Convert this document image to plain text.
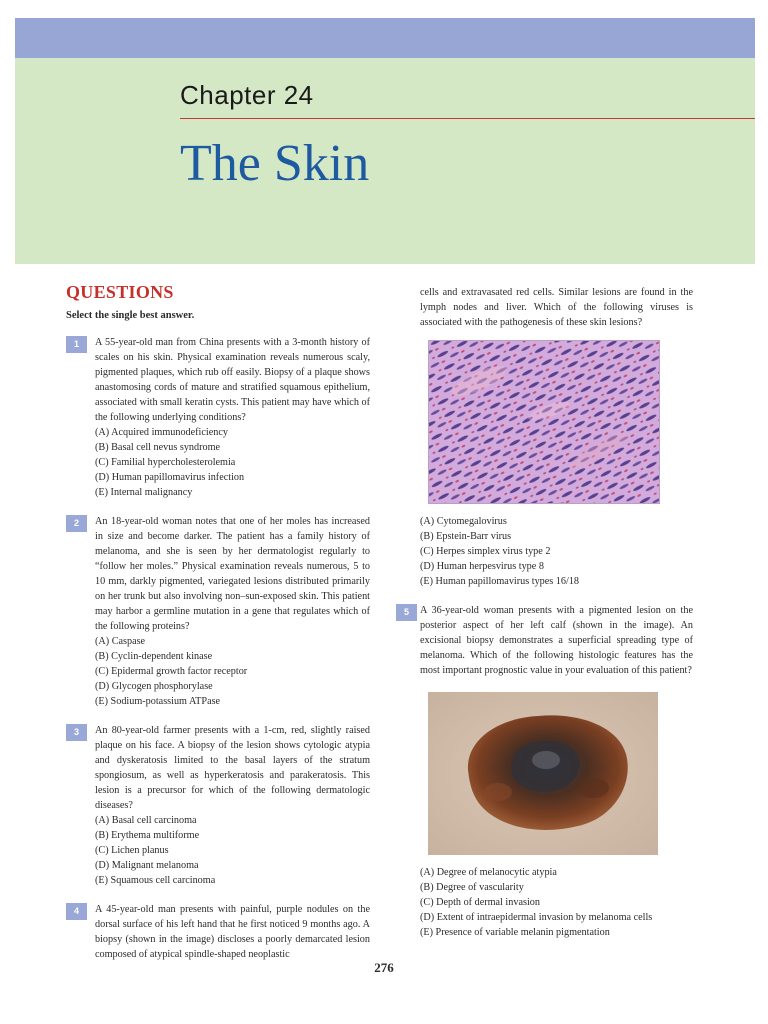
Chapter 24
The Skin
QUESTIONS
Select the single best answer.
1	A 55-year-old man from China presents with a 3-month history of scales on his skin. Physical examination reveals numerous scaly, pigmented plaques, which rub off easily. Biopsy of a plaque shows anastomosing cords of mature and stratified squamous epithelium, associated with small keratin cysts. This patient may have which of the following underlying conditions?
(A) Acquired immunodeficiency
(B) Basal cell nevus syndrome
(C) Familial hypercholesterolemia
(D) Human papillomavirus infection
(E) Internal malignancy
2	An 18-year-old woman notes that one of her moles has increased in size and become darker. The patient has a family history of melanoma, and she is seen by her dermatologist regularly to “follow her moles.” Physical examination reveals numerous, 5 to 10 mm, darkly pigmented, variegated lesions distributed primarily on her trunk but also involving non–sun-exposed skin. This patient may harbor a germline mutation in a gene that regulates which of the following proteins?
(A) Caspase
(B) Cyclin-dependent kinase
(C) Epidermal growth factor receptor
(D) Glycogen phosphorylase
(E) Sodium-potassium ATPase
3	An 80-year-old farmer presents with a 1-cm, red, slightly raised plaque on his face. A biopsy of the lesion shows cytologic atypia and dyskeratosis limited to the basal layers of the stratum spongiosum, as well as hyperkeratosis and parakeratosis. This lesion is a precursor for which of the following dermatologic diseases?
(A) Basal cell carcinoma
(B) Erythema multiforme
(C) Lichen planus
(D) Malignant melanoma
(E) Squamous cell carcinoma
4	A 45-year-old man presents with painful, purple nodules on the dorsal surface of his left hand that he first noticed 9 months ago. A biopsy (shown in the image) discloses a poorly demarcated lesion composed of atypical spindle-shaped neoplastic
cells and extravasated red cells. Similar lesions are found in the lymph nodes and liver. Which of the following viruses is associated with the pathogenesis of these skin lesions?
(A) Cytomegalovirus
(B) Epstein-Barr virus
(C) Herpes simplex virus type 2
(D) Human herpesvirus type 8
(E) Human papillomavirus types 16/18
5	A 36-year-old woman presents with a pigmented lesion on the posterior aspect of her left calf (shown in the image). An excisional biopsy demonstrates a superficial spreading type of melanoma. Which of the following histologic features has the most important prognostic value in your evaluation of this patient?
(A) Degree of melanocytic atypia
(B) Degree of vascularity
(C) Depth of dermal invasion
(D) Extent of intraepidermal invasion by melanoma cells
(E) Presence of variable melanin pigmentation
276
